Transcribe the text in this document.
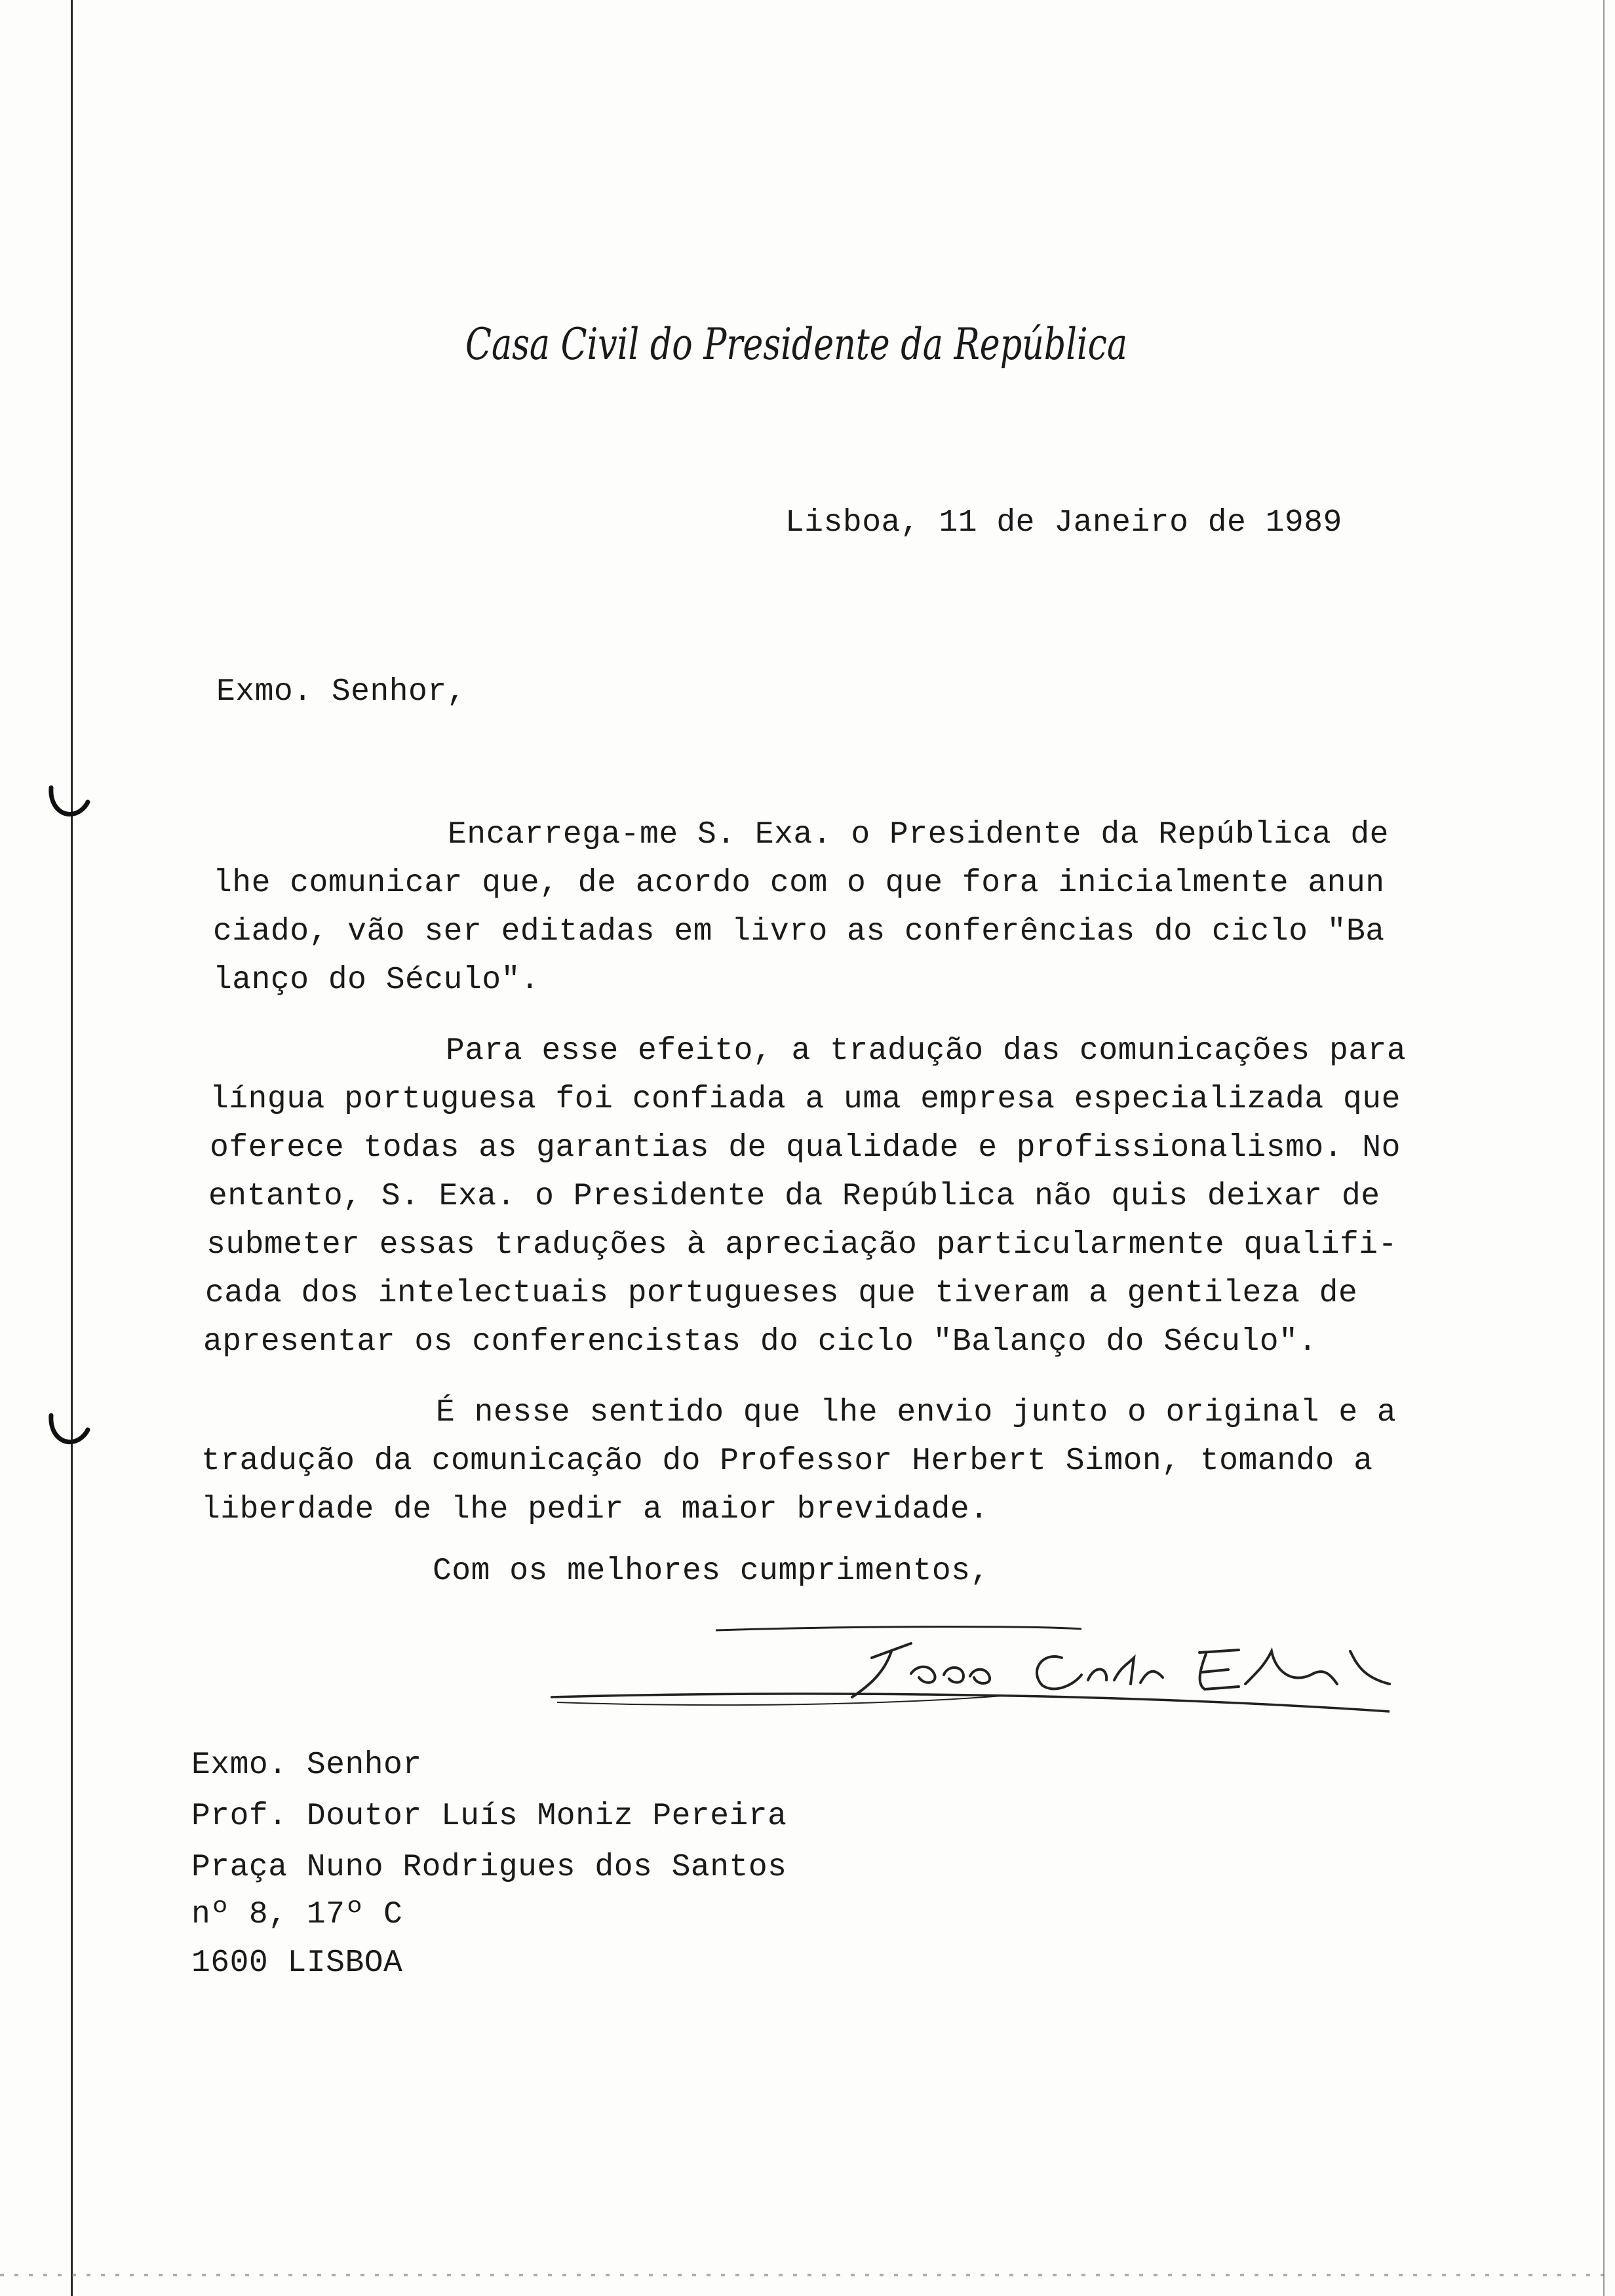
Casa Civil do Presidente da República
Lisboa, 11 de Janeiro de 1989
Exmo. Senhor,
Encarrega-me S. Exa. o Presidente da República de
lhe comunicar que, de acordo com o que fora inicialmente anun
ciado, vão ser editadas em livro as conferências do ciclo "Ba
lanço do Século".
Para esse efeito, a tradução das comunicações para
língua portuguesa foi confiada a uma empresa especializada que
oferece todas as garantias de qualidade e profissionalismo. No
entanto, S. Exa. o Presidente da República não quis deixar de
submeter essas traduções à apreciação particularmente qualifi-
cada dos intelectuais portugueses que tiveram a gentileza de
apresentar os conferencistas do ciclo "Balanço do Século".
É nesse sentido que lhe envio junto o original e a
tradução da comunicação do Professor Herbert Simon, tomando a
liberdade de lhe pedir a maior brevidade.
Com os melhores cumprimentos,
Exmo. Senhor
Prof. Doutor Luís Moniz Pereira
Praça Nuno Rodrigues dos Santos
nº 8, 17º C
1600 LISBOA
